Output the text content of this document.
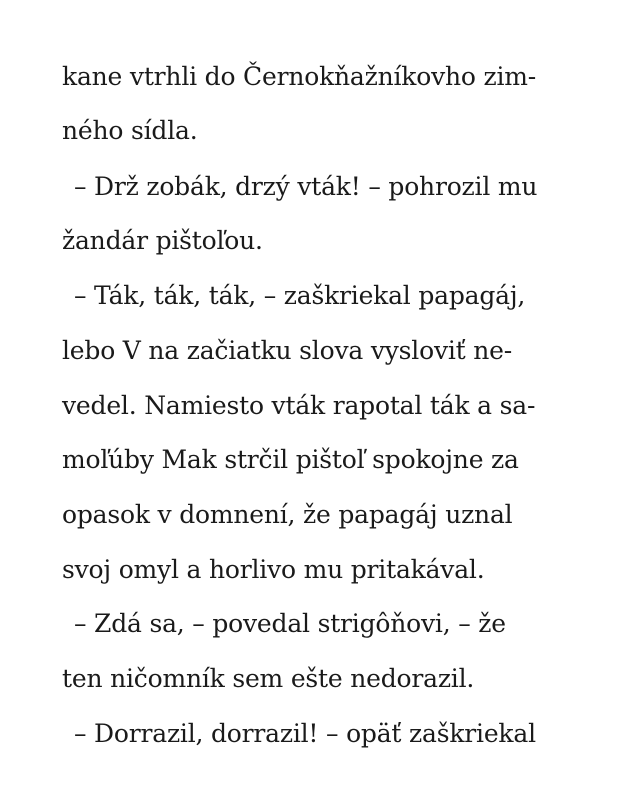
kane vtrhli do Černokňažníkovho zim-
ného sídla.
– Drž zobák, drzý vták! – pohrozil mu
žandár pištoľou.
– Ták, ták, ták, – zaškriekal papagáj,
lebo V na začiatku slova vysloviť ne-
vedel. Namiesto vták rapotal ták a sa-
moľúby Mak strčil pištoľ spokojne za
opasok v domnení, že papagáj uznal
svoj omyl a horlivo mu pritakával.
– Zdá sa, – povedal strigôňovi, – že
ten ničomník sem ešte nedorazil.
– Dorrazil, dorrazil! – opäť zaškriekal
